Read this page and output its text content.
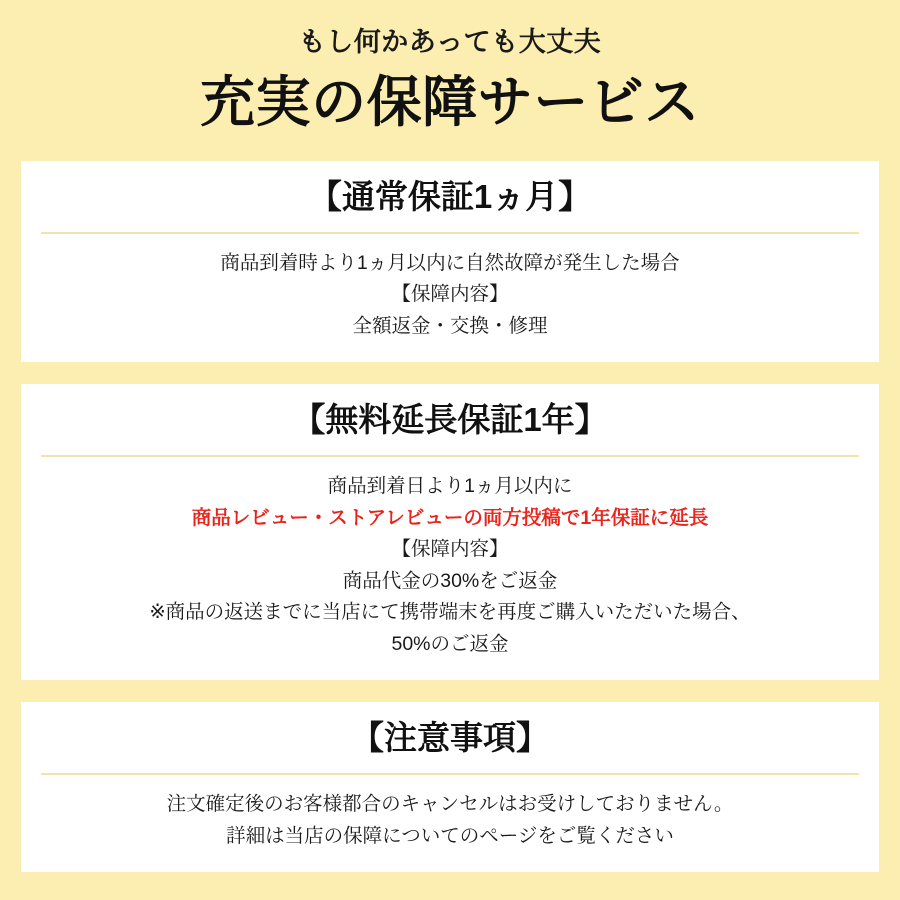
もし何かあっても大丈夫
充実の保障サービス
【通常保証1ヵ月】
商品到着時より1ヵ月以内に自然故障が発生した場合
【保障内容】
全額返金・交換・修理
【無料延長保証1年】
商品到着日より1ヵ月以内に
商品レビュー・ストアレビューの両方投稿で1年保証に延長
【保障内容】
商品代金の30%をご返金
※商品の返送までに当店にて携帯端末を再度ご購入いただいた場合、
50%のご返金
【注意事項】
注文確定後のお客様都合のキャンセルはお受けしておりません。
詳細は当店の保障についてのページをご覧ください
